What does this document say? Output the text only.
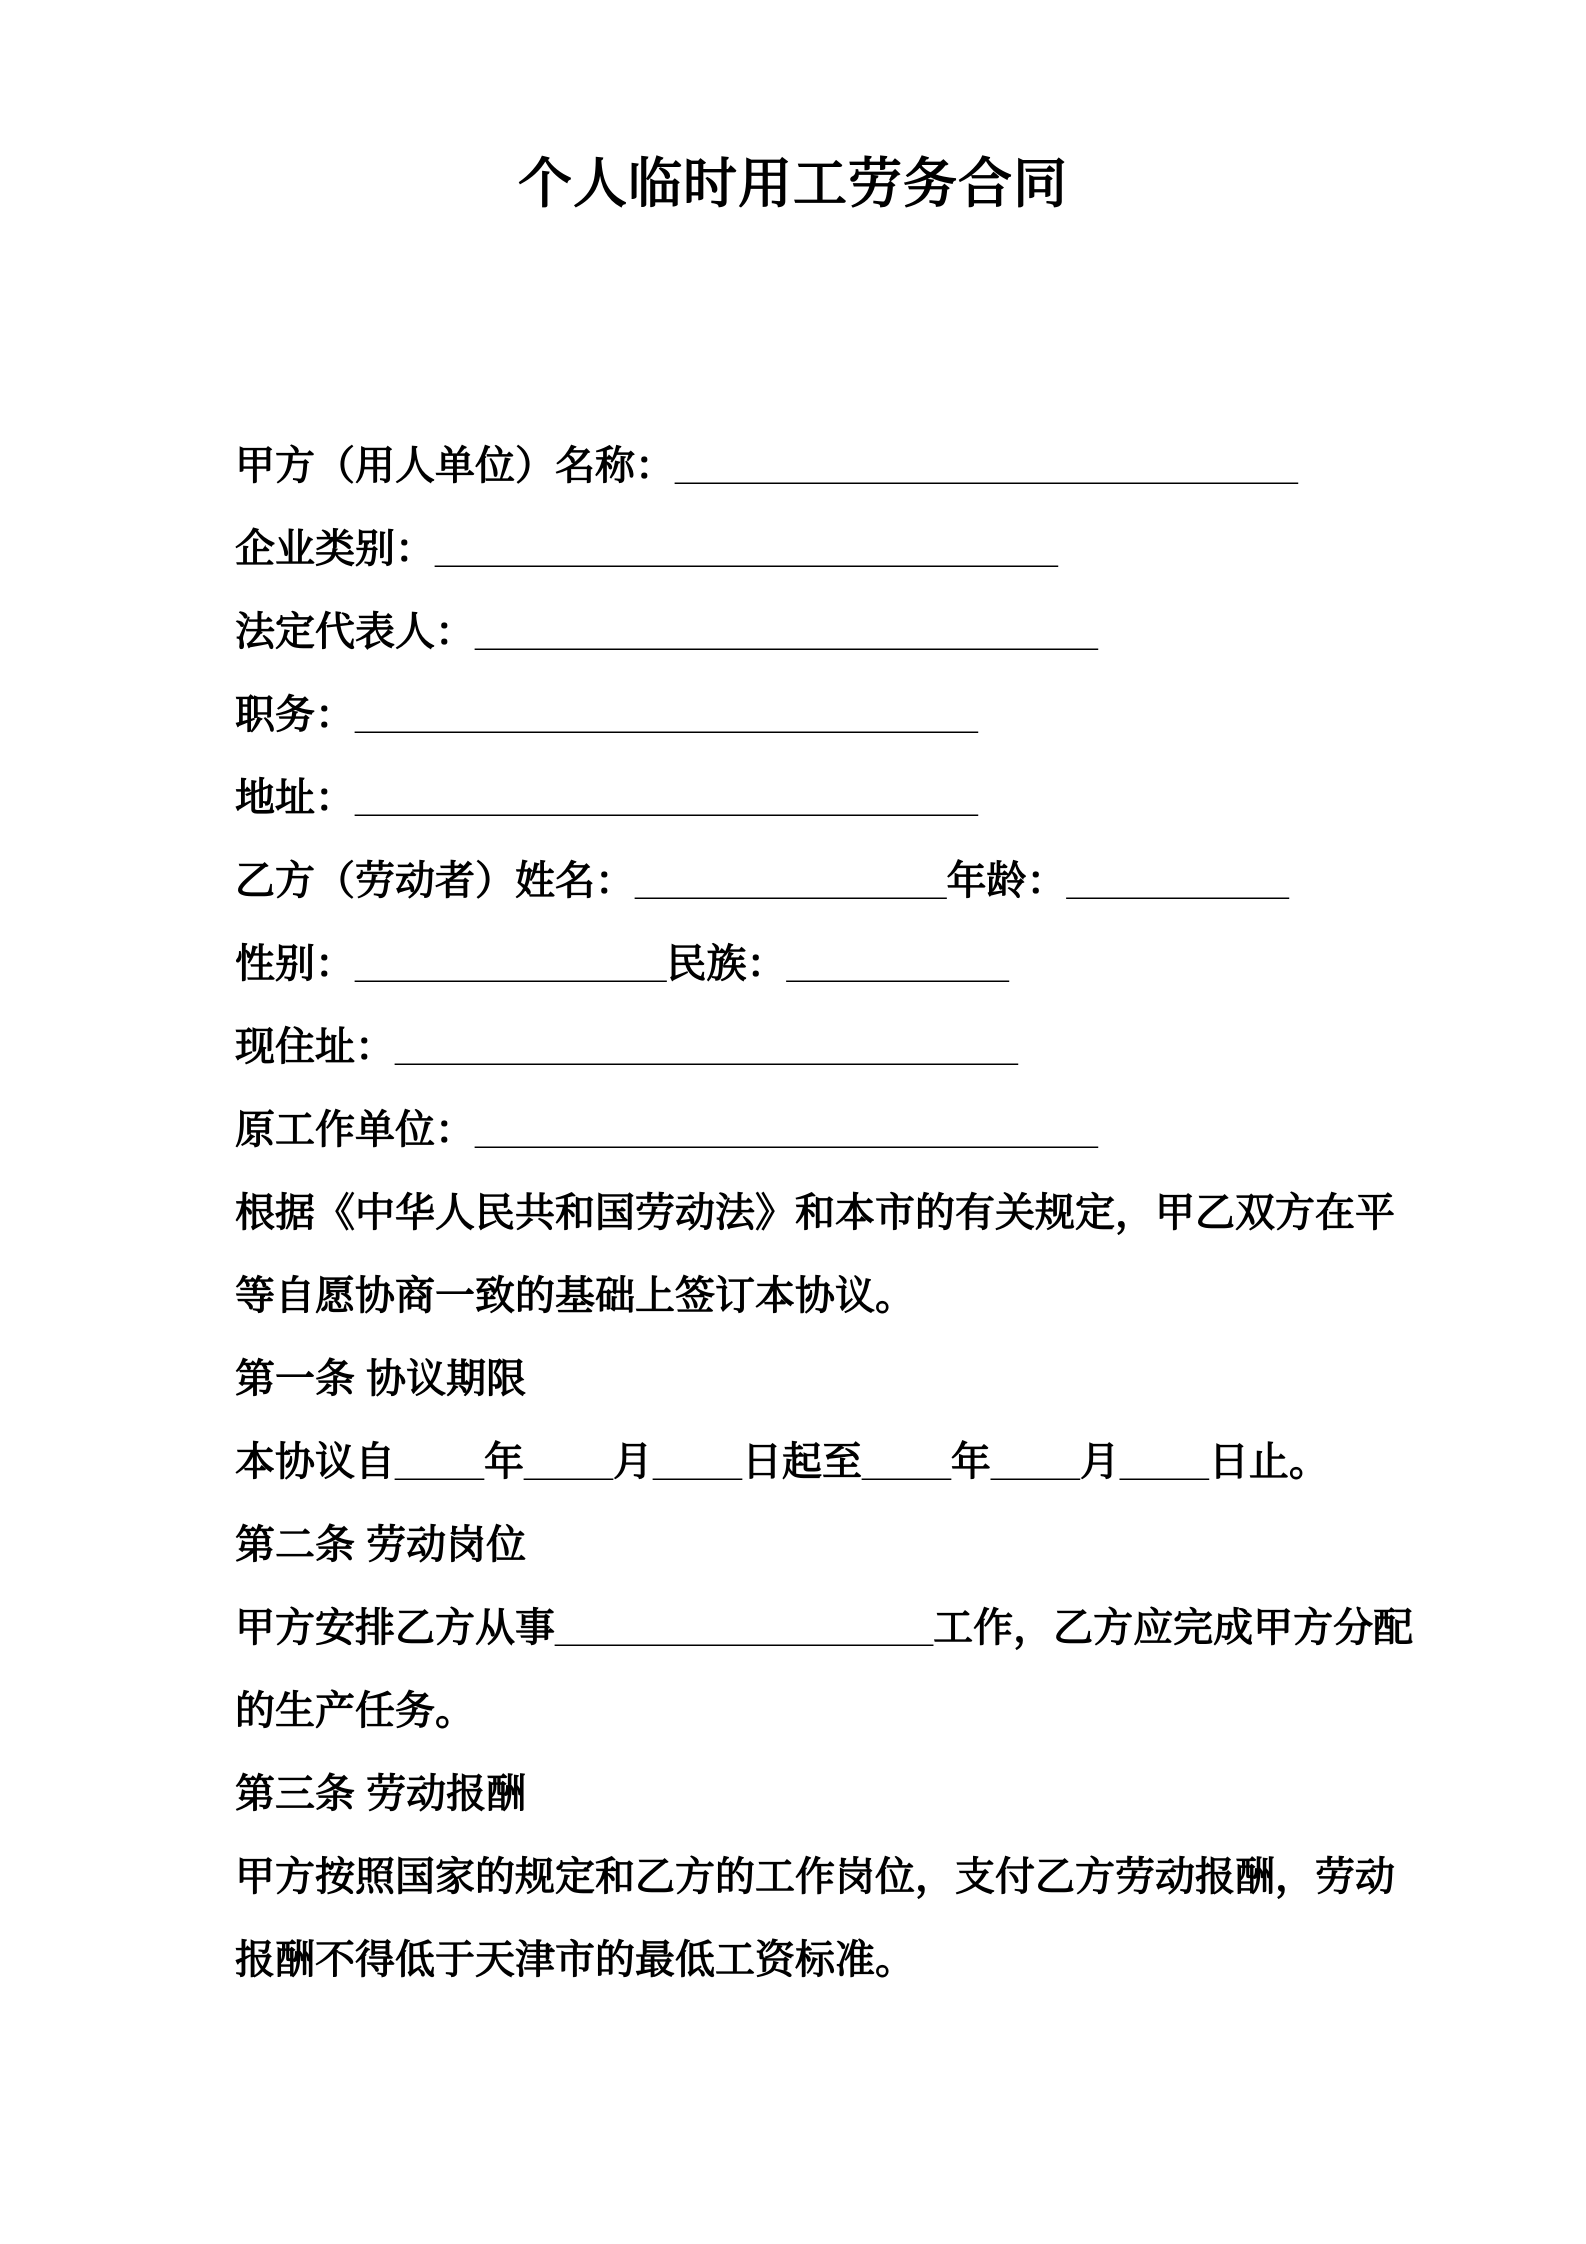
个人临时用工劳务合同
甲方（用人单位）名称：____________________________
企业类别：____________________________
法定代表人：____________________________
职务：____________________________
地址：____________________________
乙方（劳动者）姓名：______________年龄：__________
性别：______________民族：__________
现住址：____________________________
原工作单位：____________________________
根据《中华人民共和国劳动法》和本市的有关规定，甲乙双方在平
等自愿协商一致的基础上签订本协议。
第一条 协议期限
本协议自____年____月____日起至____年____月____日止。
第二条 劳动岗位
甲方安排乙方从事_________________工作，乙方应完成甲方分配
的生产任务。
第三条 劳动报酬
甲方按照国家的规定和乙方的工作岗位，支付乙方劳动报酬，劳动
报酬不得低于天津市的最低工资标准。
